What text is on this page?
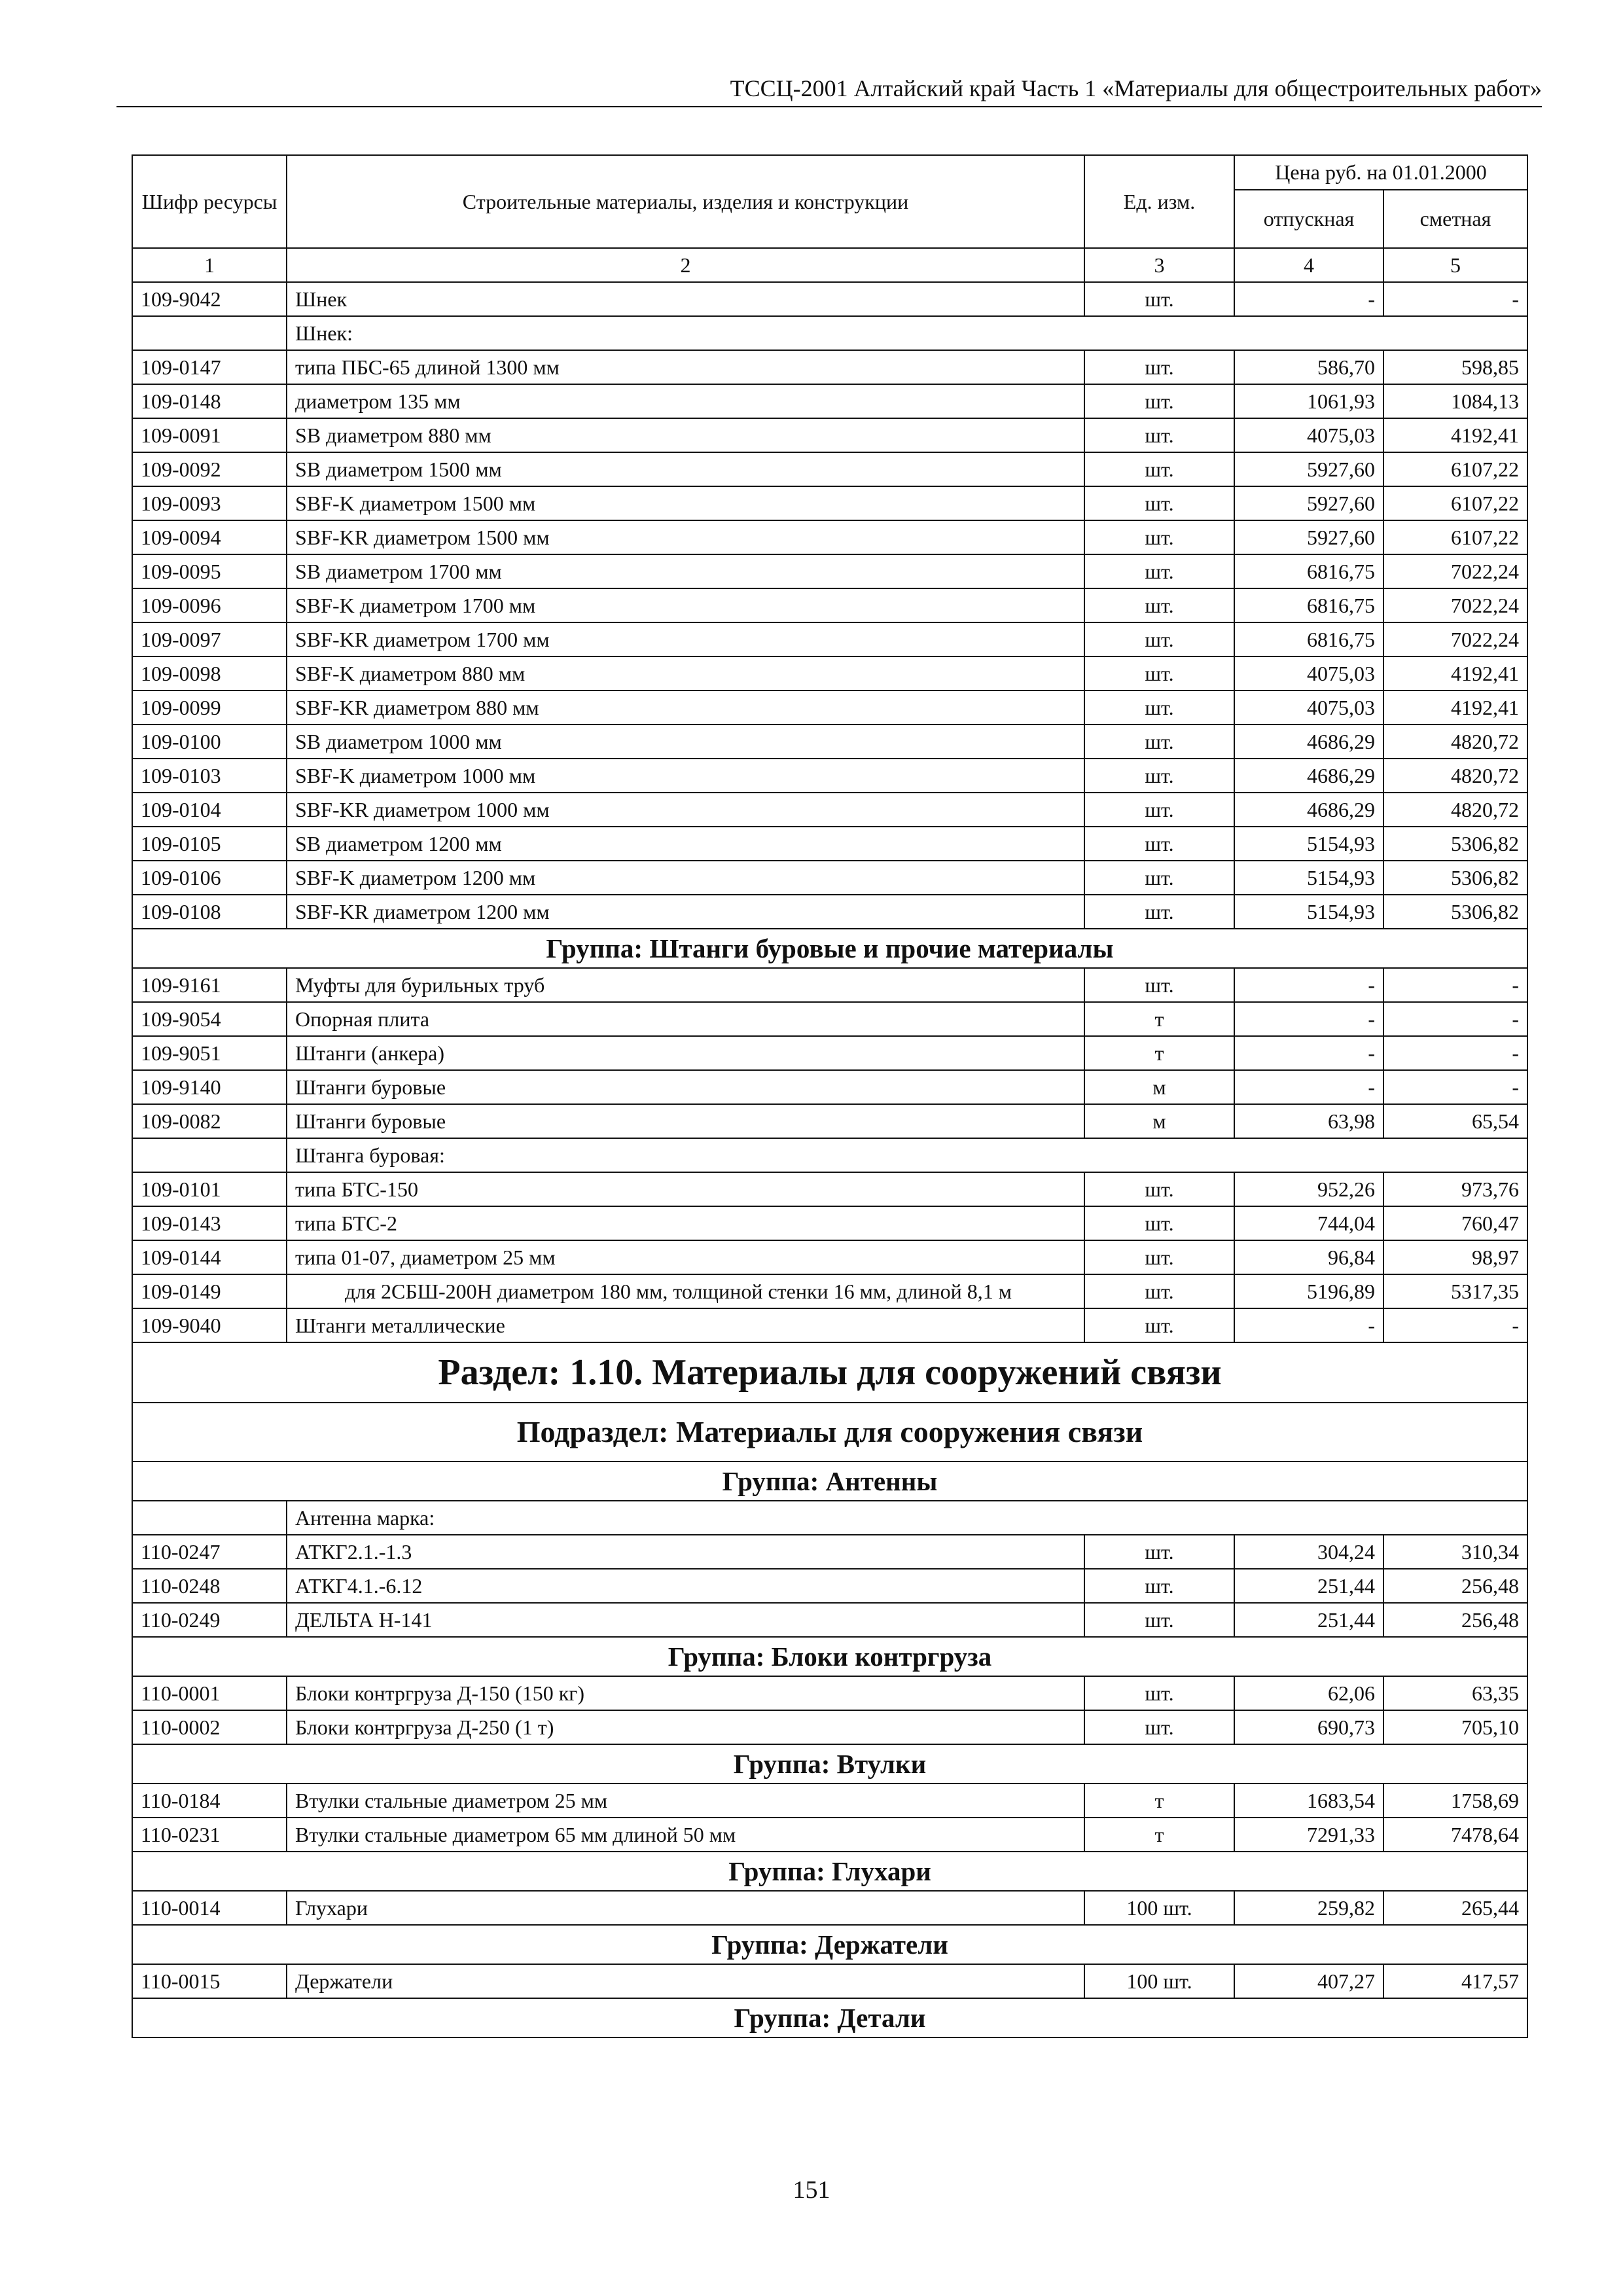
ТССЦ-2001 Алтайский край Часть 1 «Материалы для общестроительных работ»
Шифр ресурсы	Строительные материалы, изделия и конструкции	Ед. изм.	Цена руб. на 01.01.2000	
			отпускная	сметная
1	2	3	4	5
109-9042	Шнек	шт.	-	-
	Шнек:			
109-0147	типа ПБС-65 длиной 1300 мм	шт.	586,70	598,85
109-0148	диаметром 135 мм	шт.	1061,93	1084,13
109-0091	SB диаметром 880 мм	шт.	4075,03	4192,41
109-0092	SB диаметром 1500 мм	шт.	5927,60	6107,22
109-0093	SBF-K диаметром 1500 мм	шт.	5927,60	6107,22
109-0094	SBF-KR диаметром 1500 мм	шт.	5927,60	6107,22
109-0095	SB диаметром 1700 мм	шт.	6816,75	7022,24
109-0096	SBF-K диаметром 1700 мм	шт.	6816,75	7022,24
109-0097	SBF-KR диаметром 1700 мм	шт.	6816,75	7022,24
109-0098	SBF-K диаметром 880 мм	шт.	4075,03	4192,41
109-0099	SBF-KR диаметром 880 мм	шт.	4075,03	4192,41
109-0100	SB диаметром 1000 мм	шт.	4686,29	4820,72
109-0103	SBF-K диаметром 1000 мм	шт.	4686,29	4820,72
109-0104	SBF-KR диаметром 1000 мм	шт.	4686,29	4820,72
109-0105	SB диаметром 1200 мм	шт.	5154,93	5306,82
109-0106	SBF-K диаметром 1200 мм	шт.	5154,93	5306,82
109-0108	SBF-KR диаметром 1200 мм	шт.	5154,93	5306,82
Группа: Штанги буровые и прочие материалы				
109-9161	Муфты для бурильных труб	шт.	-	-
109-9054	Опорная плита	т	-	-
109-9051	Штанги (анкера)	т	-	-
109-9140	Штанги буровые	м	-	-
109-0082	Штанги буровые	м	63,98	65,54
	Штанга буровая:			
109-0101	типа БТС-150	шт.	952,26	973,76
109-0143	типа БТС-2	шт.	744,04	760,47
109-0144	типа 01-07, диаметром 25 мм	шт.	96,84	98,97
109-0149	для 2СБШ-200Н диаметром 180 мм, толщиной стенки 16 мм, длиной 8,1 м	шт.	5196,89	5317,35
109-9040	Штанги металлические	шт.	-	-
Раздел: 1.10. Материалы для сооружений связи				
Подраздел: Материалы для сооружения связи				
Группа: Антенны				
	Антенна марка:			
110-0247	АТКГ2.1.-1.3	шт.	304,24	310,34
110-0248	АТКГ4.1.-6.12	шт.	251,44	256,48
110-0249	ДЕЛЬТА Н-141	шт.	251,44	256,48
Группа: Блоки контргруза				
110-0001	Блоки контргруза Д-150 (150 кг)	шт.	62,06	63,35
110-0002	Блоки контргруза Д-250 (1 т)	шт.	690,73	705,10
Группа: Втулки				
110-0184	Втулки стальные диаметром 25 мм	т	1683,54	1758,69
110-0231	Втулки стальные диаметром 65 мм длиной 50 мм	т	7291,33	7478,64
Группа: Глухари				
110-0014	Глухари	100 шт.	259,82	265,44
Группа: Держатели				
110-0015	Держатели	100 шт.	407,27	417,57
Группа: Детали				
151
